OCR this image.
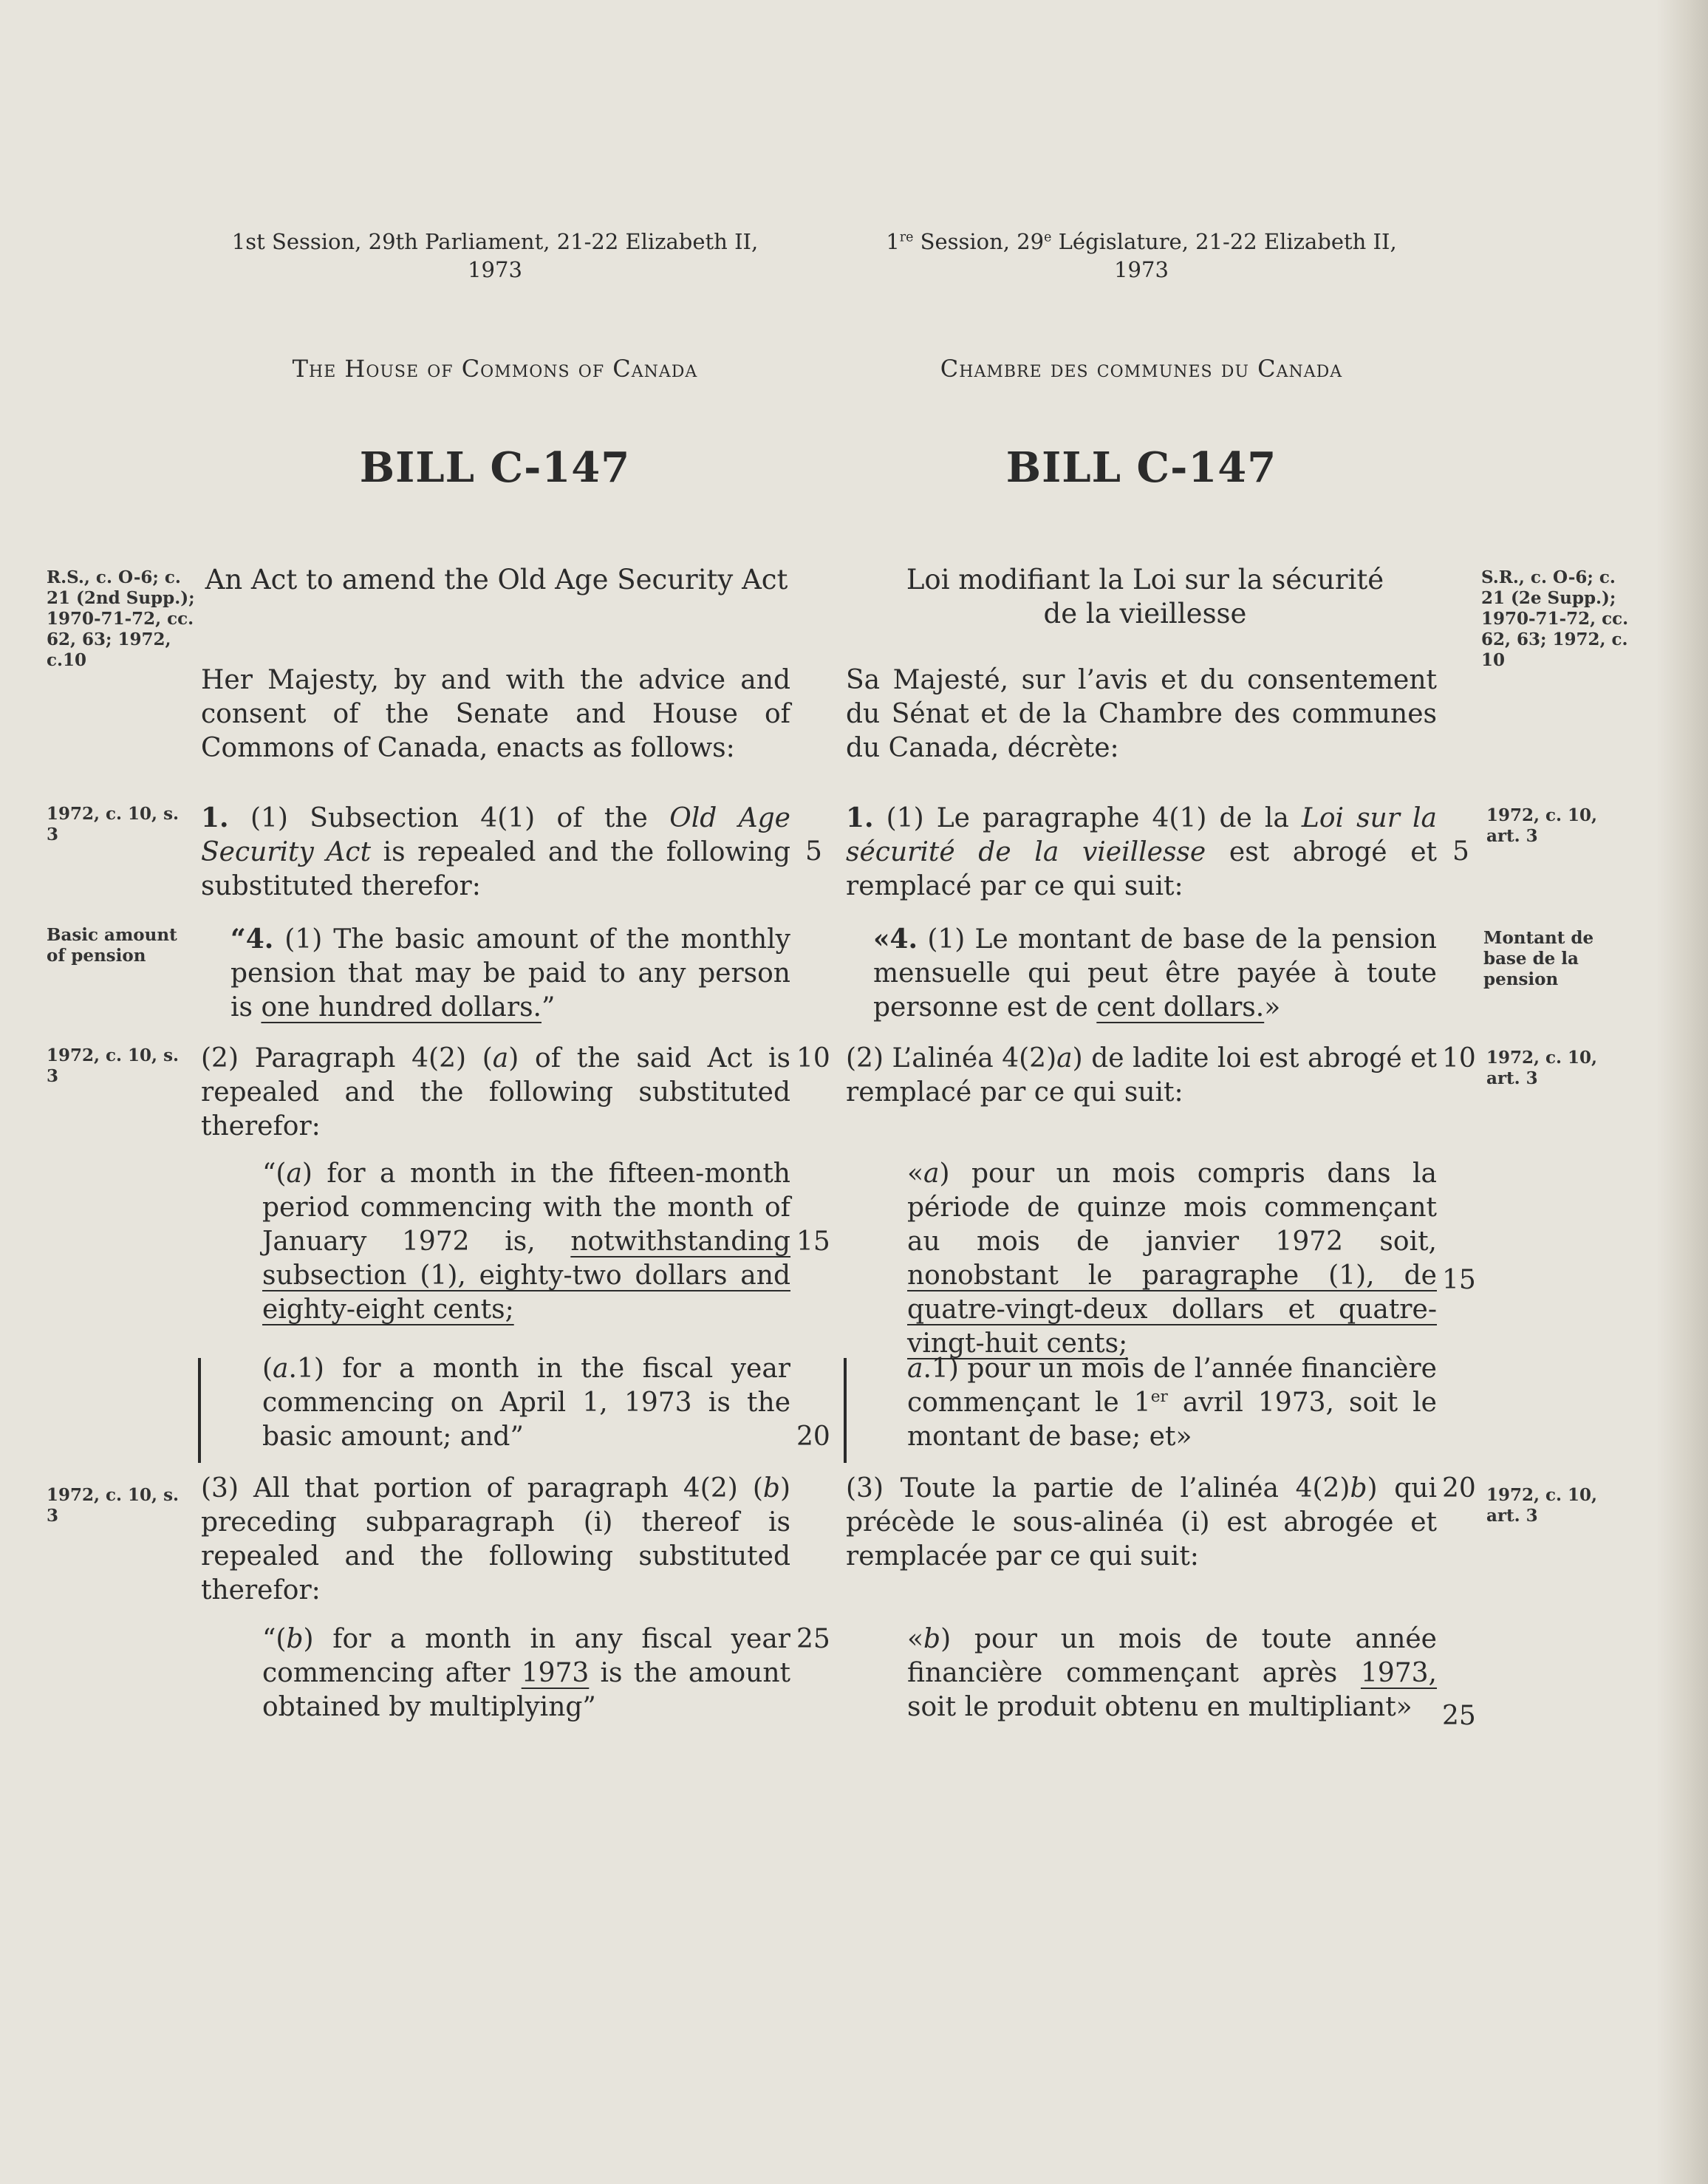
1st Session, 29th Parliament, 21-22 Elizabeth II,
1973
1re Session, 29e Législature, 21-22 Elizabeth II,
1973
The House of Commons of Canada	Chambre des communes du Canada
BILL C-147	BILL C-147
An Act to amend the Old Age Security Act	Loi modifiant la Loi sur la sécurité de la vieillesse
R.S., c. O-6; c. 21 (2nd Supp.); 1970-71-72, cc. 62, 63; 1972, c.10
1972, c. 10, s. 3
Basic amount of pension
1972, c. 10, s. 3
1972, c. 10, s. 3
S.R., c. O-6; c. 21 (2e Supp.); 1970-71-72, cc. 62, 63; 1972, c. 10
1972, c. 10, art. 3
Montant de base de la pension
1972, c. 10, art. 3
1972, c. 10, art. 3
Her Majesty, by and with the advice and consent of the Senate and House of Commons of Canada, enacts as follows:
Sa Majesté, sur l’avis et du consentement du Sénat et de la Chambre des communes du Canada, décrète:
1. (1) Subsection 4(1) of the Old Age Security Act is repealed and the following substituted therefor:
“4. (1) The basic amount of the monthly pension that may be paid to any person is one hundred dollars.”
1. (1) Le paragraphe 4(1) de la Loi sur la sécurité de la vieillesse est abrogé et remplacé par ce qui suit:
«4. (1) Le montant de base de la pension mensuelle qui peut être payée à toute personne est de cent dollars.»
(2) Paragraph 4(2) (a) of the said Act is repealed and the following substituted therefor:
“(a) for a month in the fifteen-month period commencing with the month of January 1972 is, notwithstanding subsection (1), eighty-two dollars and eighty-eight cents;
(a.1) for a month in the fiscal year commencing on April 1, 1973 is the basic amount; and”
(2) L’alinéa 4(2)a) de ladite loi est abrogé et remplacé par ce qui suit:
«a) pour un mois compris dans la période de quinze mois commençant au mois de janvier 1972 soit, nonobstant le paragraphe (1), de quatre-vingt-deux dollars et quatre-vingt-huit cents;
a.1) pour un mois de l’année financière commençant le 1er avril 1973, soit le montant de base; et»
(3) All that portion of paragraph 4(2) (b) preceding subparagraph (i) thereof is repealed and the following substituted therefor:
“(b) for a month in any fiscal year commencing after 1973 is the amount obtained by multiplying”
(3) Toute la partie de l’alinéa 4(2)b) qui précède le sous-alinéa (i) est abrogée et remplacée par ce qui suit:
«b) pour un mois de toute année financière commençant après 1973, soit le produit obtenu en multipliant»
5
10
15
20
25
5
10
15
20
25
